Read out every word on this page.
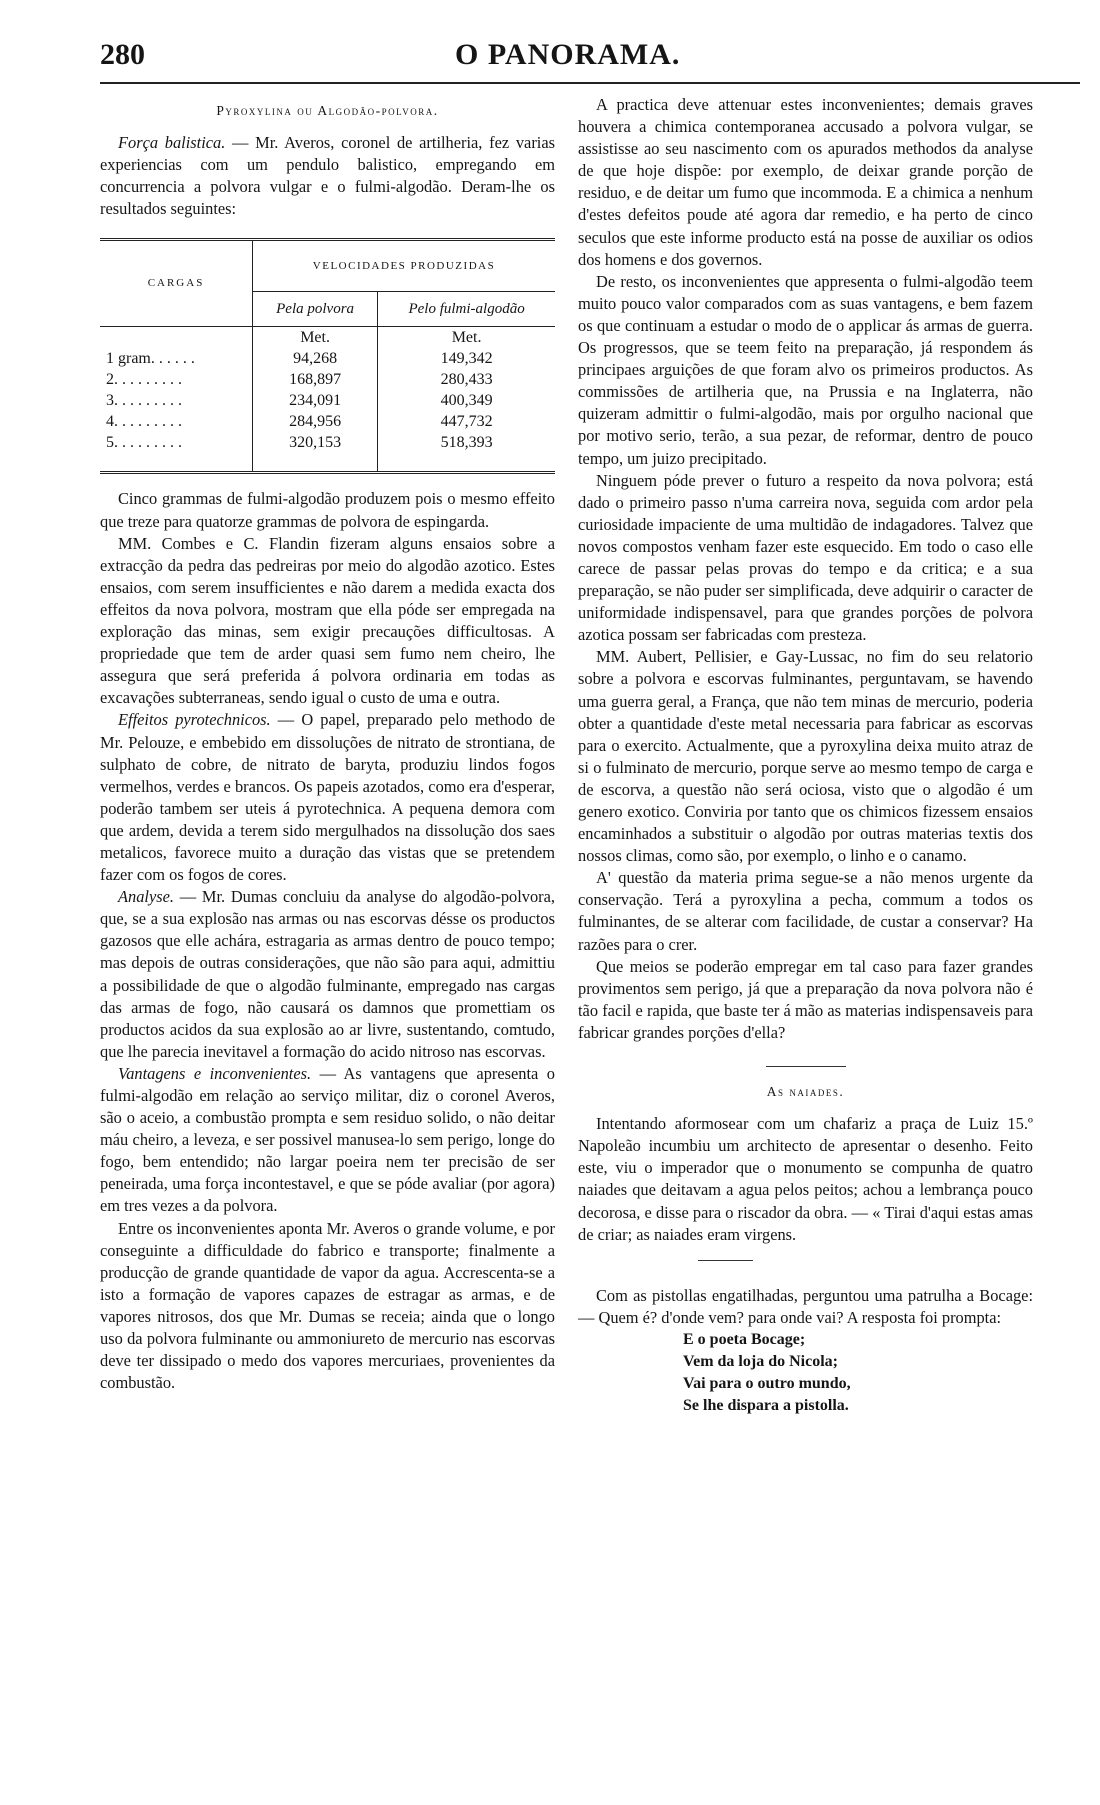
280	O PANORAMA.
Pyroxylina ou Algodão-polvora.

Força balistica. — Mr. Averos, coronel de artilheria, fez varias experiencias com um pendulo balistico, empregando em concurrencia a polvora vulgar e o fulmi-algodão. Deram-lhe os resultados seguintes:

CARGAS	VELOCIDADES PRODUZIDAS	
	Pela polvora	Pelo fulmi-algodão
	Met.	Met.
1 gram. . . . . .	94,268	149,342
2. . . . . . . . .	168,897	280,433
3. . . . . . . . .	234,091	400,349
4. . . . . . . . .	284,956	447,732
5. . . . . . . . .	320,153	518,393

Cinco grammas de fulmi-algodão produzem pois o mesmo effeito que treze para quatorze grammas de polvora de espingarda.

MM. Combes e C. Flandin fizeram alguns ensaios sobre a extracção da pedra das pedreiras por meio do algodão azotico. Estes ensaios, com serem insufficientes e não darem a medida exacta dos effeitos da nova polvora, mostram que ella póde ser empregada na exploração das minas, sem exigir precauções difficultosas. A propriedade que tem de arder quasi sem fumo nem cheiro, lhe assegura que será preferida á polvora ordinaria em todas as excavações subterraneas, sendo igual o custo de uma e outra.

Effeitos pyrotechnicos. — O papel, preparado pelo methodo de Mr. Pelouze, e embebido em dissoluções de nitrato de strontiana, de sulphato de cobre, de nitrato de baryta, produziu lindos fogos vermelhos, verdes e brancos. Os papeis azotados, como era d'esperar, poderão tambem ser uteis á pyrotechnica. A pequena demora com que ardem, devida a terem sido mergulhados na dissolução dos saes metalicos, favorece muito a duração das vistas que se pretendem fazer com os fogos de cores.

Analyse. — Mr. Dumas concluiu da analyse do algodão-polvora, que, se a sua explosão nas armas ou nas escorvas désse os productos gazosos que elle achára, estragaria as armas dentro de pouco tempo; mas depois de outras considerações, que não são para aqui, admittiu a possibilidade de que o algodão fulminante, empregado nas cargas das armas de fogo, não causará os damnos que promettiam os productos acidos da sua explosão ao ar livre, sustentando, comtudo, que lhe parecia inevitavel a formação do acido nitroso nas escorvas.

Vantagens e inconvenientes. — As vantagens que apresenta o fulmi-algodão em relação ao serviço militar, diz o coronel Averos, são o aceio, a combustão prompta e sem residuo solido, o não deitar máu cheiro, a leveza, e ser possivel manusea-lo sem perigo, longe do fogo, bem entendido; não largar poeira nem ter precisão de ser peneirada, uma força incontestavel, e que se póde avaliar (por agora) em tres vezes a da polvora.

Entre os inconvenientes aponta Mr. Averos o grande volume, e por conseguinte a difficuldade do fabrico e transporte; finalmente a producção de grande quantidade de vapor da agua. Accrescenta-se a isto a formação de vapores capazes de estragar as armas, e de vapores nitrosos, dos que Mr. Dumas se receia; ainda que o longo uso da polvora fulminante ou ammoniureto de mercurio nas escorvas deve ter dissipado o medo dos vapores mercuriaes, provenientes da combustão.

A practica deve attenuar estes inconvenientes; demais graves houvera a chimica contemporanea accusado a polvora vulgar, se assistisse ao seu nascimento com os apurados methodos da analyse de que hoje dispõe: por exemplo, de deixar grande porção de residuo, e de deitar um fumo que incommoda. E a chimica a nenhum d'estes defeitos poude até agora dar remedio, e ha perto de cinco seculos que este informe producto está na posse de auxiliar os odios dos homens e dos governos.

De resto, os inconvenientes que appresenta o fulmi-algodão teem muito pouco valor comparados com as suas vantagens, e bem fazem os que continuam a estudar o modo de o applicar ás armas de guerra. Os progressos, que se teem feito na preparação, já respondem ás principaes arguições de que foram alvo os primeiros productos. As commissões de artilheria que, na Prussia e na Inglaterra, não quizeram admittir o fulmi-algodão, mais por orgulho nacional que por motivo serio, terão, a sua pezar, de reformar, dentro de pouco tempo, um juizo precipitado.

Ninguem póde prever o futuro a respeito da nova polvora; está dado o primeiro passo n'uma carreira nova, seguida com ardor pela curiosidade impaciente de uma multidão de indagadores. Talvez que novos compostos venham fazer este esquecido. Em todo o caso elle carece de passar pelas provas do tempo e da critica; e a sua preparação, se não puder ser simplificada, deve adquirir o caracter de uniformidade indispensavel, para que grandes porções de polvora azotica possam ser fabricadas com presteza.

MM. Aubert, Pellisier, e Gay-Lussac, no fim do seu relatorio sobre a polvora e escorvas fulminantes, perguntavam, se havendo uma guerra geral, a França, que não tem minas de mercurio, poderia obter a quantidade d'este metal necessaria para fabricar as escorvas para o exercito. Actualmente, que a pyroxylina deixa muito atraz de si o fulminato de mercurio, porque serve ao mesmo tempo de carga e de escorva, a questão não será ociosa, visto que o algodão é um genero exotico. Conviria por tanto que os chimicos fizessem ensaios encaminhados a substituir o algodão por outras materias textis dos nossos climas, como são, por exemplo, o linho e o canamo.

A' questão da materia prima segue-se a não menos urgente da conservação. Terá a pyroxylina a pecha, commum a todos os fulminantes, de se alterar com facilidade, de custar a conservar? Ha razões para o crer.

Que meios se poderão empregar em tal caso para fazer grandes provimentos sem perigo, já que a preparação da nova polvora não é tão facil e rapida, que baste ter á mão as materias indispensaveis para fabricar grandes porções d'ella?

As naiades.

Intentando aformosear com um chafariz a praça de Luiz 15.º Napoleão incumbiu um architecto de apresentar o desenho. Feito este, viu o imperador que o monumento se compunha de quatro naiades que deitavam a agua pelos peitos; achou a lembrança pouco decorosa, e disse para o riscador da obra. — « Tirai d'aqui estas amas de criar; as naiades eram virgens.

Com as pistollas engatilhadas, perguntou uma patrulha a Bocage: — Quem é? d'onde vem? para onde vai? A resposta foi prompta:

E o poeta Bocage;
Vem da loja do Nicola;
Vai para o outro mundo,
Se lhe dispara a pistolla.
